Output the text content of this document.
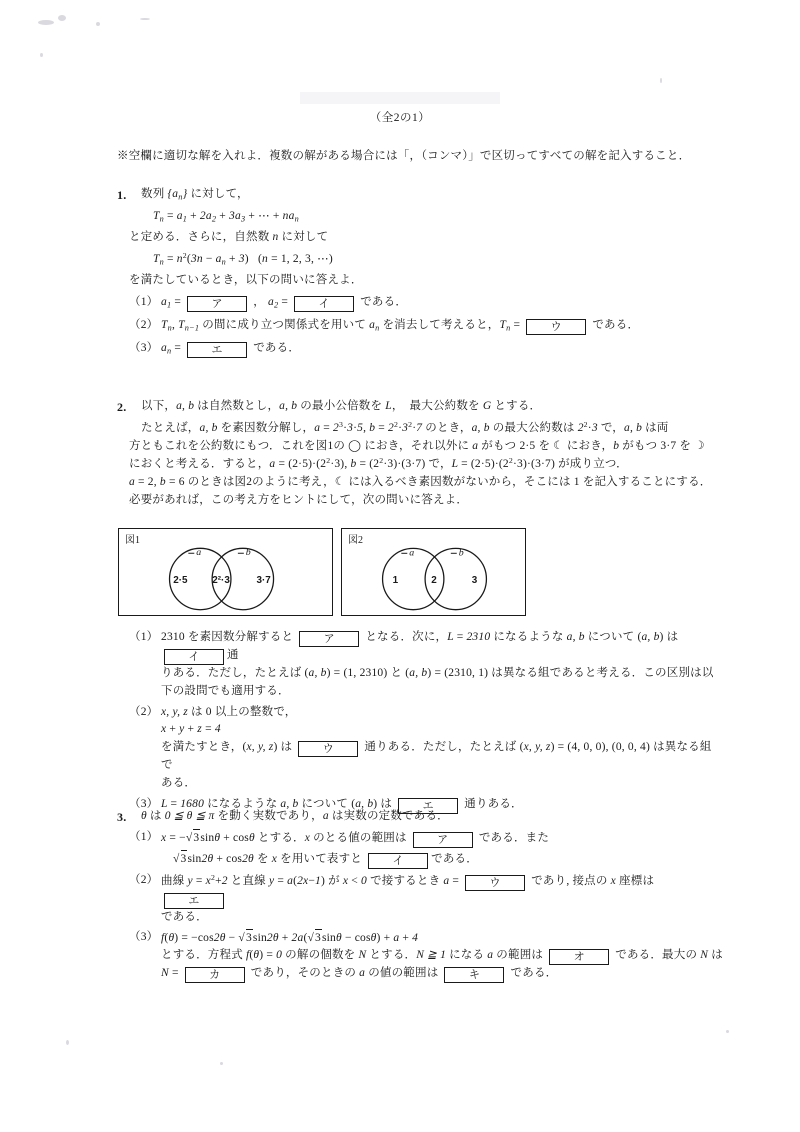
（全2の1）
※空欄に適切な解を入れよ．複数の解がある場合には「，（コンマ）」で区切ってすべての解を記入すること．
1. 数列 $\{a_n\}$ に対して，
$T_n = a_1 + 2a_2 + 3a_3$ + ⋯ + $na_n$
と定める．さらに，自然数 n に対して
$T_n = n^2(3n - a_n + 3) (n = 1$, 2, 3, ⋯)
を満たしているとき，以下の問いに答えよ．
（1） $a_1$ =	ア	， $a_2$ =	イ である．
（2） $T_n$, $T_{n-1}$ の間に成り立つ関係式を用いて $a_n$ を消去して考えると，$T_n$ =	ウ である．
（3） $a_n$ =	エ である．
2. 以下，a, b は自然数とし，a, b の最小公倍数を L，　最大公約数を G とする．
たとえば，a, b を素因数分解し，$a = 2^3\cdot 3\cdot 5$, $b = 2^2\cdot 3^2\cdot 7$ のとき，a, b の最大公約数は $2^2\cdot 3$ で，a, b は両
方ともこれを公約数にもつ．これを図1の ◯ におき，それ以外に a がもつ 2·5 を ☾ におき，b がもつ 3·7 を ☽
におくと考える．すると，$a = (2\cdot 5)\cdot(2^2\cdot 3)$, $b = (2^2\cdot 3)\cdot(3\cdot 7)$ で，$L = (2\cdot 5)\cdot(2^2\cdot 3)\cdot(3\cdot 7)$ が成り立つ．
a = 2, b = 6 のときは図2のように考え，☾ には入るべき素因数がないから，そこには 1 を記入することにする．
必要があれば，この考え方をヒントにして，次の問いに答えよ．
図1
a	b
2·5 2²·3	3·7
図2
a	b
1	2	3
（1） 2310 を素因数分解すると	ア	となる．次に，L = 2310 になるような a, b について (a, b) は イ 通
りある．ただし，たとえば (a, b) = (1, 2310) と (a, b) = (2310, 1) は異なる組であると考える．この区別は以
下の設問でも適用する．
（2） x, y, z は 0 以上の整数で，
x + y + z = 4
を満たすとき，(x, y, z) は ウ 通りある．ただし，たとえば (x, y, z) = (4, 0, 0), (0, 0, 4) は異なる組で
ある．
（3） L = 1680 になるような a, b について (a, b) は エ 通りある．
3. θ は 0 ≦ θ ≦ π を動く実数であり，a は実数の定数である．
（1） x = −√3sinθ + cosθ とする．x のとる値の範囲は ア である．また
√3sin2θ + cos2θ を x を用いて表すと イ である．
（2） 曲線 $y = x^2+2$ と直線 y = a(2x−1) が x < 0 で接するとき a =	ウ であり, 接点の x 座標は エ
である．
（3） f(θ) = −cos2θ − √3sin2θ + 2a(√3sinθ − cosθ) + a + 4
とする．方程式 f(θ) = 0 の解の個数を N とする．N ≧ 1 になる a の範囲は オ である．最大の N は
N =	カ であり，そのときの a の値の範囲は キ である．
